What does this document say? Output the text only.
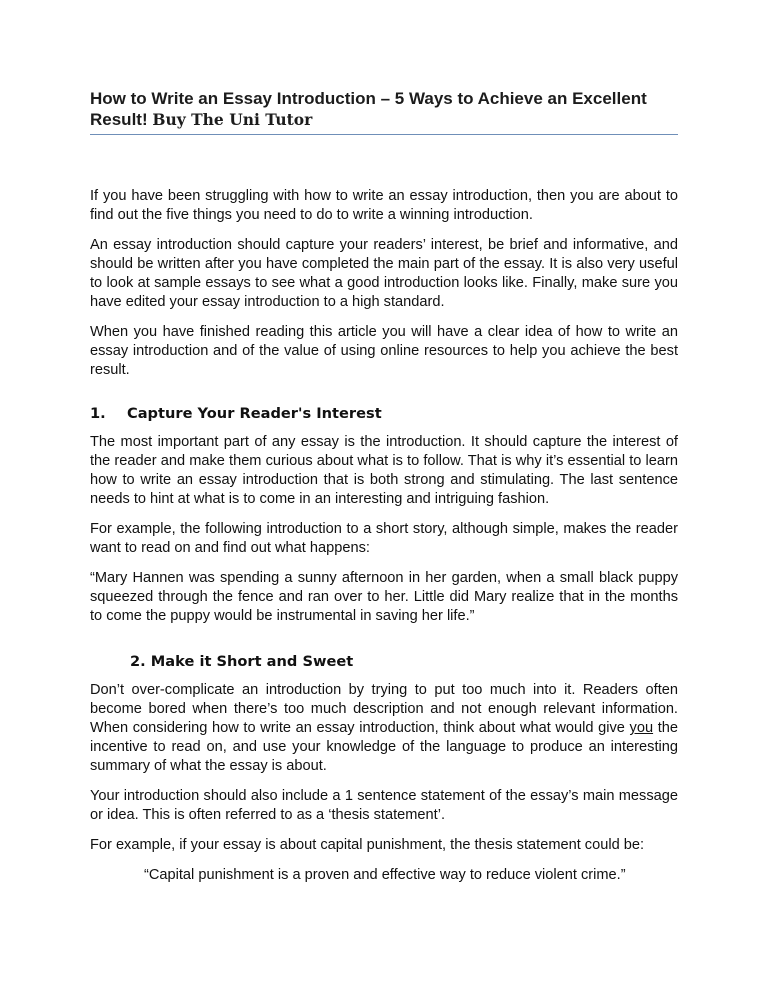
How to Write an Essay Introduction – 5 Ways to Achieve an Excellent Result! Buy The Uni Tutor

If you have been struggling with how to write an essay introduction, then you are about to find out the five things you need to do to write a winning introduction.

An essay introduction should capture your readers’ interest, be brief and informative, and should be written after you have completed the main part of the essay. It is also very useful to look at sample essays to see what a good introduction looks like. Finally, make sure you have edited your essay introduction to a high standard.

When you have finished reading this article you will have a clear idea of how to write an essay introduction and of the value of using online resources to help you achieve the best result.

1. Capture Your Reader's Interest

The most important part of any essay is the introduction. It should capture the interest of the reader and make them curious about what is to follow. That is why it’s essential to learn how to write an essay introduction that is both strong and stimulating. The last sentence needs to hint at what is to come in an interesting and intriguing fashion.

For example, the following introduction to a short story, although simple, makes the reader want to read on and find out what happens:

“Mary Hannen was spending a sunny afternoon in her garden, when a small black puppy squeezed through the fence and ran over to her. Little did Mary realize that in the months to come the puppy would be instrumental in saving her life.”

2. Make it Short and Sweet

Don’t over-complicate an introduction by trying to put too much into it. Readers often become bored when there’s too much description and not enough relevant information. When considering how to write an essay introduction, think about what would give you the incentive to read on, and use your knowledge of the language to produce an interesting summary of what the essay is about.

Your introduction should also include a 1 sentence statement of the essay’s main message or idea. This is often referred to as a ‘thesis statement’.

For example, if your essay is about capital punishment, the thesis statement could be:

“Capital punishment is a proven and effective way to reduce violent crime.”
